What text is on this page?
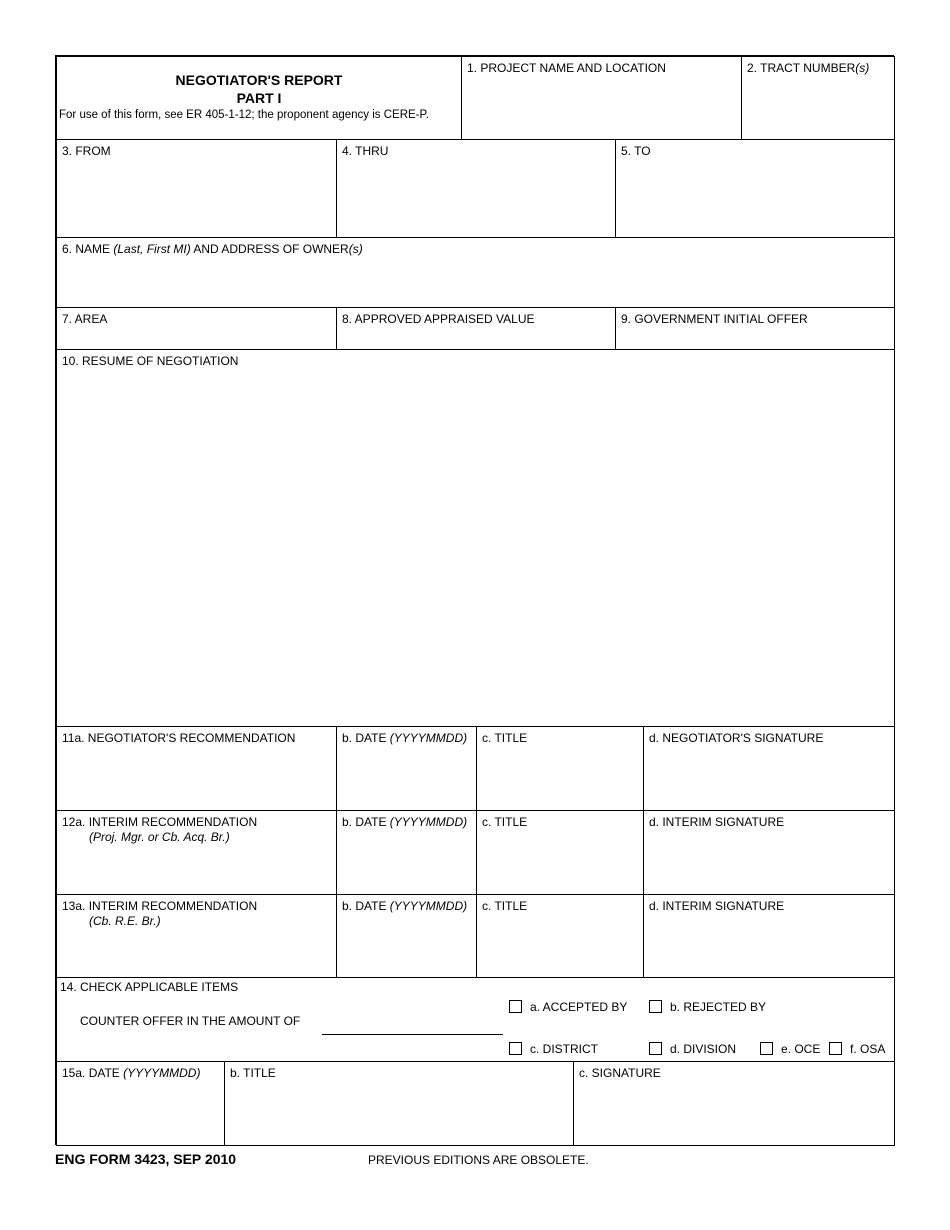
NEGOTIATOR'S REPORT
PART I
For use of this form, see ER 405-1-12; the proponent agency is CERE-P.
1. PROJECT NAME AND LOCATION	2. TRACT NUMBER(s)
3. FROM	4. THRU	5. TO
6. NAME (Last, First MI) AND ADDRESS OF OWNER(s)
7. AREA	8. APPROVED APPRAISED VALUE	9. GOVERNMENT INITIAL OFFER
10. RESUME OF NEGOTIATION
11a. NEGOTIATOR'S RECOMMENDATION	b. DATE (YYYYMMDD) c. TITLE	d. NEGOTIATOR'S SIGNATURE
12a. INTERIM RECOMMENDATION
(Proj. Mgr. or Cb. Acq. Br.)
b. DATE (YYYYMMDD) c. TITLE	d. INTERIM SIGNATURE
13a. INTERIM RECOMMENDATION
(Cb. R.E. Br.)
b. DATE (YYYYMMDD) c. TITLE	d. INTERIM SIGNATURE
14. CHECK APPLICABLE ITEMS
COUNTER OFFER IN THE AMOUNT OF
a. ACCEPTED BY	b. REJECTED BY
c. DISTRICT	d. DIVISION	e. OCE f. OSA
15a. DATE (YYYYMMDD) b. TITLE	c. SIGNATURE
ENG FORM 3423, SEP 2010	PREVIOUS EDITIONS ARE OBSOLETE.
